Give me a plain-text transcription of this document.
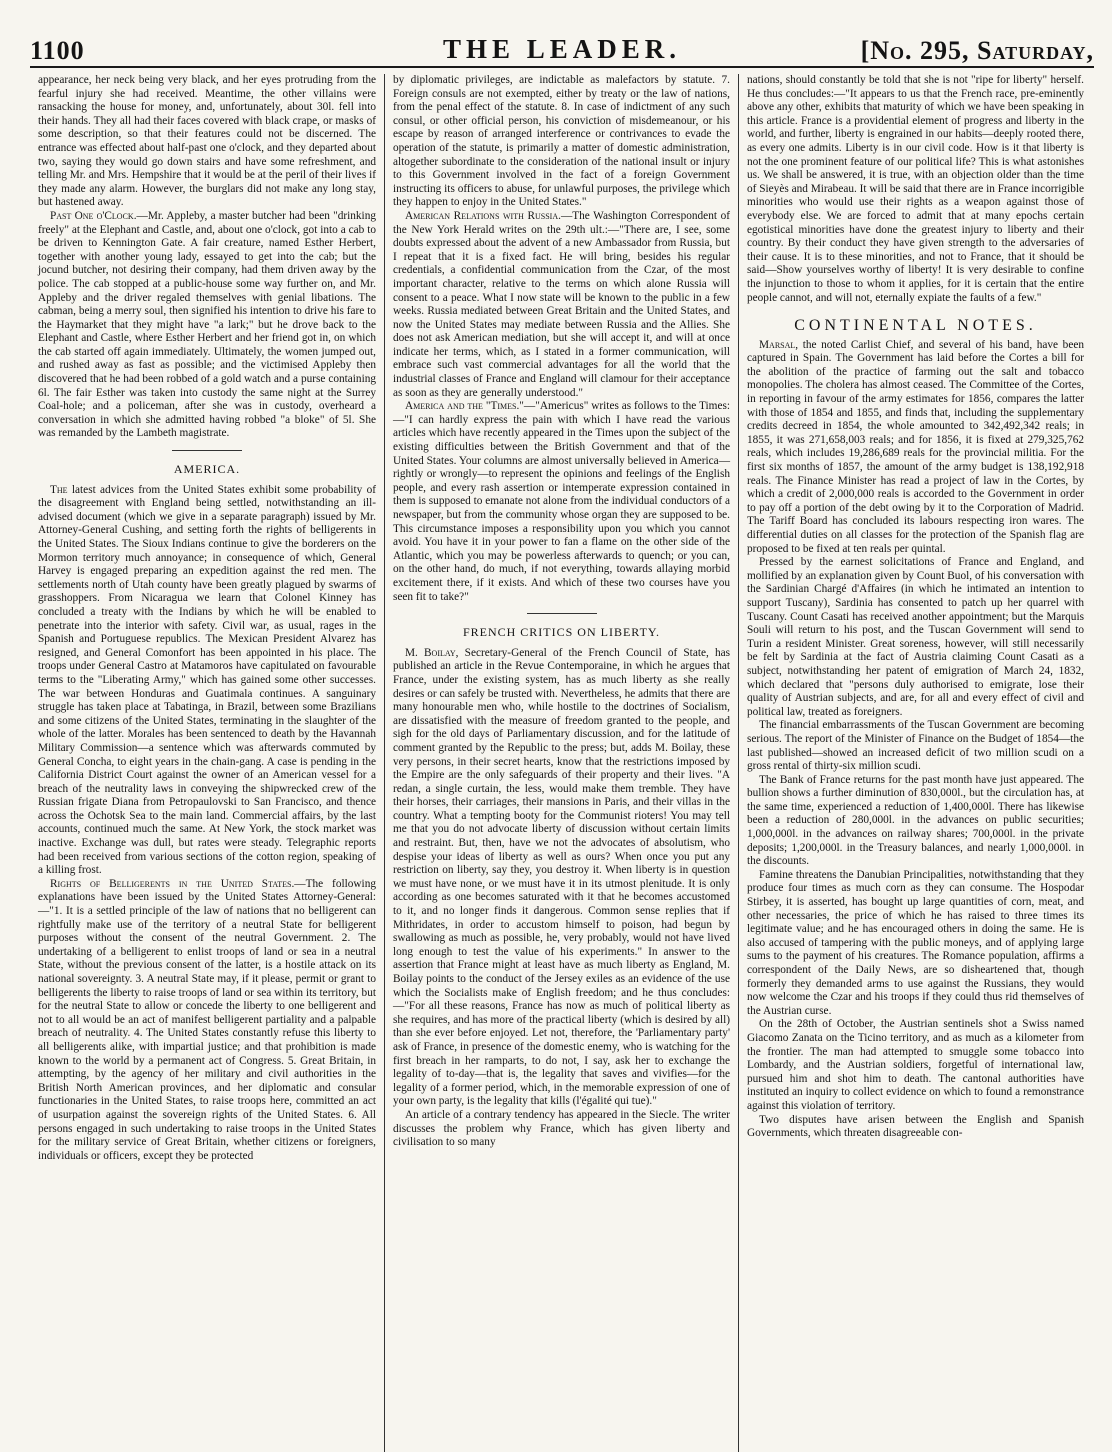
1100	THE LEADER.	[No. 295, Saturday,

appearance, her neck being very black, and her eyes protruding from the fearful injury she had received. Meantime, the other villains were ransacking the house for money, and, unfortunately, about 30l. fell into their hands. They all had their faces covered with black crape, or masks of some description, so that their features could not be discerned. The entrance was effected about half-past one o'clock, and they departed about two, saying they would go down stairs and have some refreshment, and telling Mr. and Mrs. Hempshire that it would be at the peril of their lives if they made any alarm. However, the burglars did not make any long stay, but hastened away.

Past One o'Clock.—Mr. Appleby, a master butcher had been "drinking freely" at the Elephant and Castle, and, about one o'clock, got into a cab to be driven to Kennington Gate. A fair creature, named Esther Herbert, together with another young lady, essayed to get into the cab; but the jocund butcher, not desiring their company, had them driven away by the police. The cab stopped at a public-house some way further on, and Mr. Appleby and the driver regaled themselves with genial libations. The cabman, being a merry soul, then signified his intention to drive his fare to the Haymarket that they might have "a lark;" but he drove back to the Elephant and Castle, where Esther Herbert and her friend got in, on which the cab started off again immediately. Ultimately, the women jumped out, and rushed away as fast as possible; and the victimised Appleby then discovered that he had been robbed of a gold watch and a purse containing 6l. The fair Esther was taken into custody the same night at the Surrey Coal-hole; and a policeman, after she was in custody, overheard a conversation in which she admitted having robbed "a bloke" of 5l. She was remanded by the Lambeth magistrate.

AMERICA.

The latest advices from the United States exhibit some probability of the disagreement with England being settled, notwithstanding an ill-advised document (which we give in a separate paragraph) issued by Mr. Attorney-General Cushing, and setting forth the rights of belligerents in the United States. The Sioux Indians continue to give the borderers on the Mormon territory much annoyance; in consequence of which, General Harvey is engaged preparing an expedition against the red men. The settlements north of Utah county have been greatly plagued by swarms of grasshoppers. From Nicaragua we learn that Colonel Kinney has concluded a treaty with the Indians by which he will be enabled to penetrate into the interior with safety. Civil war, as usual, rages in the Spanish and Portuguese republics. The Mexican President Alvarez has resigned, and General Comonfort has been appointed in his place. The troops under General Castro at Matamoros have capitulated on favourable terms to the "Liberating Army," which has gained some other successes. The war between Honduras and Guatimala continues. A sanguinary struggle has taken place at Tabatinga, in Brazil, between some Brazilians and some citizens of the United States, terminating in the slaughter of the whole of the latter. Morales has been sentenced to death by the Havannah Military Commission—a sentence which was afterwards commuted by General Concha, to eight years in the chain-gang. A case is pending in the California District Court against the owner of an American vessel for a breach of the neutrality laws in conveying the shipwrecked crew of the Russian frigate Diana from Petropaulovski to San Francisco, and thence across the Ochotsk Sea to the main land. Commercial affairs, by the last accounts, continued much the same. At New York, the stock market was inactive. Exchange was dull, but rates were steady. Telegraphic reports had been received from various sections of the cotton region, speaking of a killing frost.

Rights of Belligerents in the United States.—The following explanations have been issued by the United States Attorney-General:—"1. It is a settled principle of the law of nations that no belligerent can rightfully make use of the territory of a neutral State for belligerent purposes without the consent of the neutral Government. 2. The undertaking of a belligerent to enlist troops of land or sea in a neutral State, without the previous consent of the latter, is a hostile attack on its national sovereignty. 3. A neutral State may, if it please, permit or grant to belligerents the liberty to raise troops of land or sea within its territory, but for the neutral State to allow or concede the liberty to one belligerent and not to all would be an act of manifest belligerent partiality and a palpable breach of neutrality. 4. The United States constantly refuse this liberty to all belligerents alike, with impartial justice; and that prohibition is made known to the world by a permanent act of Congress. 5. Great Britain, in attempting, by the agency of her military and civil authorities in the British North American provinces, and her diplomatic and consular functionaries in the United States, to raise troops here, committed an act of usurpation against the sovereign rights of the United States. 6. All persons engaged in such undertaking to raise troops in the United States for the military service of Great Britain, whether citizens or foreigners, individuals or officers, except they be protected

by diplomatic privileges, are indictable as malefactors by statute. 7. Foreign consuls are not exempted, either by treaty or the law of nations, from the penal effect of the statute. 8. In case of indictment of any such consul, or other official person, his conviction of misdemeanour, or his escape by reason of arranged interference or contrivances to evade the operation of the statute, is primarily a matter of domestic administration, altogether subordinate to the consideration of the national insult or injury to this Government involved in the fact of a foreign Government instructing its officers to abuse, for unlawful purposes, the privilege which they happen to enjoy in the United States."

American Relations with Russia.—The Washington Correspondent of the New York Herald writes on the 29th ult.:—"There are, I see, some doubts expressed about the advent of a new Ambassador from Russia, but I repeat that it is a fixed fact. He will bring, besides his regular credentials, a confidential communication from the Czar, of the most important character, relative to the terms on which alone Russia will consent to a peace. What I now state will be known to the public in a few weeks. Russia mediated between Great Britain and the United States, and now the United States may mediate between Russia and the Allies. She does not ask American mediation, but she will accept it, and will at once indicate her terms, which, as I stated in a former communication, will embrace such vast commercial advantages for all the world that the industrial classes of France and England will clamour for their acceptance as soon as they are generally understood."

America and the "Times."—"Americus" writes as follows to the Times:—"I can hardly express the pain with which I have read the various articles which have recently appeared in the Times upon the subject of the existing difficulties between the British Government and that of the United States. Your columns are almost universally believed in America—rightly or wrongly—to represent the opinions and feelings of the English people, and every rash assertion or intemperate expression contained in them is supposed to emanate not alone from the individual conductors of a newspaper, but from the community whose organ they are supposed to be. This circumstance imposes a responsibility upon you which you cannot avoid. You have it in your power to fan a flame on the other side of the Atlantic, which you may be powerless afterwards to quench; or you can, on the other hand, do much, if not everything, towards allaying morbid excitement there, if it exists. And which of these two courses have you seen fit to take?"

FRENCH CRITICS ON LIBERTY.

M. Boilay, Secretary-General of the French Council of State, has published an article in the Revue Contemporaine, in which he argues that France, under the existing system, has as much liberty as she really desires or can safely be trusted with. Nevertheless, he admits that there are many honourable men who, while hostile to the doctrines of Socialism, are dissatisfied with the measure of freedom granted to the people, and sigh for the old days of Parliamentary discussion, and for the latitude of comment granted by the Republic to the press; but, adds M. Boilay, these very persons, in their secret hearts, know that the restrictions imposed by the Empire are the only safeguards of their property and their lives. "A redan, a single curtain, the less, would make them tremble. They have their horses, their carriages, their mansions in Paris, and their villas in the country. What a tempting booty for the Communist rioters! You may tell me that you do not advocate liberty of discussion without certain limits and restraint. But, then, have we not the advocates of absolutism, who despise your ideas of liberty as well as ours? When once you put any restriction on liberty, say they, you destroy it. When liberty is in question we must have none, or we must have it in its utmost plenitude. It is only according as one becomes saturated with it that he becomes accustomed to it, and no longer finds it dangerous. Common sense replies that if Mithridates, in order to accustom himself to poison, had begun by swallowing as much as possible, he, very probably, would not have lived long enough to test the value of his experiments." In answer to the assertion that France might at least have as much liberty as England, M. Boilay points to the conduct of the Jersey exiles as an evidence of the use which the Socialists make of English freedom; and he thus concludes:—"For all these reasons, France has now as much of political liberty as she requires, and has more of the practical liberty (which is desired by all) than she ever before enjoyed. Let not, therefore, the 'Parliamentary party' ask of France, in presence of the domestic enemy, who is watching for the first breach in her ramparts, to do not, I say, ask her to exchange the legality of to-day—that is, the legality that saves and vivifies—for the legality of a former period, which, in the memorable expression of one of your own party, is the legality that kills (l'égalité qui tue)."

An article of a contrary tendency has appeared in the Siecle. The writer discusses the problem why France, which has given liberty and civilisation to so many

nations, should constantly be told that she is not "ripe for liberty" herself. He thus concludes:—"It appears to us that the French race, pre-eminently above any other, exhibits that maturity of which we have been speaking in this article. France is a providential element of progress and liberty in the world, and further, liberty is engrained in our habits—deeply rooted there, as every one admits. Liberty is in our civil code. How is it that liberty is not the one prominent feature of our political life? This is what astonishes us. We shall be answered, it is true, with an objection older than the time of Sieyès and Mirabeau. It will be said that there are in France incorrigible minorities who would use their rights as a weapon against those of everybody else. We are forced to admit that at many epochs certain egotistical minorities have done the greatest injury to liberty and their country. By their conduct they have given strength to the adversaries of their cause. It is to these minorities, and not to France, that it should be said—Show yourselves worthy of liberty! It is very desirable to confine the injunction to those to whom it applies, for it is certain that the entire people cannot, and will not, eternally expiate the faults of a few."

CONTINENTAL NOTES.

Marsal, the noted Carlist Chief, and several of his band, have been captured in Spain. The Government has laid before the Cortes a bill for the abolition of the practice of farming out the salt and tobacco monopolies. The cholera has almost ceased. The Committee of the Cortes, in reporting in favour of the army estimates for 1856, compares the latter with those of 1854 and 1855, and finds that, including the supplementary credits decreed in 1854, the whole amounted to 342,492,342 reals; in 1855, it was 271,658,003 reals; and for 1856, it is fixed at 279,325,762 reals, which includes 19,286,689 reals for the provincial militia. For the first six months of 1857, the amount of the army budget is 138,192,918 reals. The Finance Minister has read a project of law in the Cortes, by which a credit of 2,000,000 reals is accorded to the Government in order to pay off a portion of the debt owing by it to the Corporation of Madrid. The Tariff Board has concluded its labours respecting iron wares. The differential duties on all classes for the protection of the Spanish flag are proposed to be fixed at ten reals per quintal.

Pressed by the earnest solicitations of France and England, and mollified by an explanation given by Count Buol, of his conversation with the Sardinian Chargé d'Affaires (in which he intimated an intention to support Tuscany), Sardinia has consented to patch up her quarrel with Tuscany. Count Casati has received another appointment; but the Marquis Souli will return to his post, and the Tuscan Government will send to Turin a resident Minister. Great soreness, however, will still necessarily be felt by Sardinia at the fact of Austria claiming Count Casati as a subject, notwithstanding her patent of emigration of March 24, 1832, which declared that "persons duly authorised to emigrate, lose their quality of Austrian subjects, and are, for all and every effect of civil and political law, treated as foreigners.

The financial embarrassments of the Tuscan Government are becoming serious. The report of the Minister of Finance on the Budget of 1854—the last published—showed an increased deficit of two million scudi on a gross rental of thirty-six million scudi.

The Bank of France returns for the past month have just appeared. The bullion shows a further diminution of 830,000l., but the circulation has, at the same time, experienced a reduction of 1,400,000l. There has likewise been a reduction of 280,000l. in the advances on public securities; 1,000,000l. in the advances on railway shares; 700,000l. in the private deposits; 1,200,000l. in the Treasury balances, and nearly 1,000,000l. in the discounts.

Famine threatens the Danubian Principalities, notwithstanding that they produce four times as much corn as they can consume. The Hospodar Stirbey, it is asserted, has bought up large quantities of corn, meat, and other necessaries, the price of which he has raised to three times its legitimate value; and he has encouraged others in doing the same. He is also accused of tampering with the public moneys, and of applying large sums to the payment of his creatures. The Romance population, affirms a correspondent of the Daily News, are so disheartened that, though formerly they demanded arms to use against the Russians, they would now welcome the Czar and his troops if they could thus rid themselves of the Austrian curse.

On the 28th of October, the Austrian sentinels shot a Swiss named Giacomo Zanata on the Ticino territory, and as much as a kilometer from the frontier. The man had attempted to smuggle some tobacco into Lombardy, and the Austrian soldiers, forgetful of international law, pursued him and shot him to death. The cantonal authorities have instituted an inquiry to collect evidence on which to found a remonstrance against this violation of territory.

Two disputes have arisen between the English and Spanish Governments, which threaten disagreeable con-
